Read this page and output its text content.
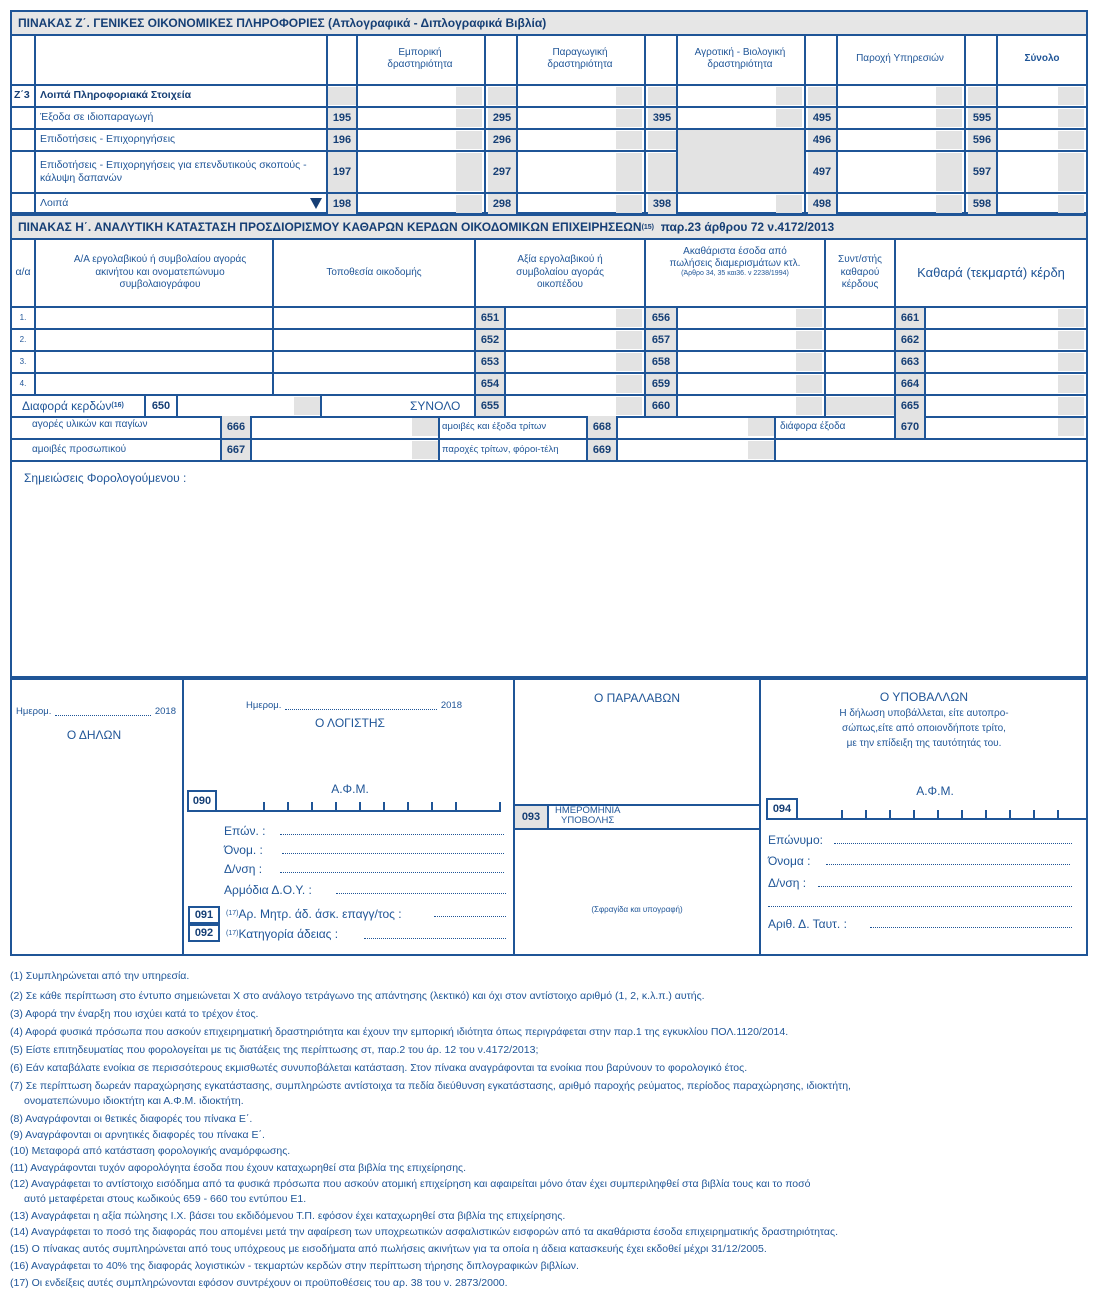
ΠΙΝΑΚΑΣ Ζ΄. ΓΕΝΙΚΕΣ ΟΙΚΟΝΟΜΙΚΕΣ ΠΛΗΡΟΦΟΡΙΕΣ (Απλογραφικά - Διπλογραφικά Βιβλία)
Εμπορική δραστηριότητα
Παραγωγική δραστηριότητα
Αγροτική - Βιολογική δραστηριότητα
Παροχή Υπηρεσιών	Σύνολο
Ζ΄3 Λοιπά Πληροφοριακά Στοιχεία
Έξοδα σε ιδιοπαραγωγή	195	295	395	495	595
Επιδοτήσεις - Επιχορηγήσεις	196	296	496	596
Επιδοτήσεις - Επιχορηγήσεις για επενδυτικούς σκοπούς - κάλυψη δαπανών	197	297	497	597
Λοιπά	198	298	398	498	598
ΠΙΝΑΚΑΣ Η΄. ΑΝΑΛΥΤΙΚΗ ΚΑΤΑΣΤΑΣΗ ΠΡΟΣΔΙΟΡΙΣΜΟΥ ΚΑΘΑΡΩΝ ΚΕΡΔΩΝ ΟΙΚΟΔΟΜΙΚΩΝ ΕΠΙΧΕΙΡΗΣΕΩΝ (15)
παρ.23 άρθρου 72 ν.4172/2013
α/α
Α/Α εργολαβικού ή συμβολαίου αγοράς ακινήτου και ονοματεπώνυμο συμβολαιογράφου
Τοποθεσία οικοδομής
Αξία εργολαβικού ή συμβολαίου αγοράς οικοπέδου
Ακαθάριστα έσοδα από πωλήσεις διαμερισμάτων κτλ.
(Άρθρο 34, 35 και36. ν 2238/1994)
Συντ/στής καθαρού κέρδους
Καθαρά (τεκμαρτά) κέρδη
1.	651	656	661
2.	652	657	662
3.	653	658	663
4.	654	659	664
Διαφορά κερδών (16)	650	ΣΥΝΟΛΟ	655	660	665
αγορές υλικών και παγίων	666	αμοιβές και έξοδα τρίτων	668	διάφορα έξοδα	670
αμοιβές προσωπικού	667	παροχές τρίτων, φόροι-τέλη	669
Σημειώσεις Φορολογούμενου :
Ημερομ.	2018
Ο ΔΗΛΩΝ
Ημερομ.	2018
Ο ΛΟΓΙΣΤΗΣ
Α.Φ.Μ.
090
Επών. :
Όνομ. :
Δ/νση :
Αρμόδια Δ.Ο.Υ. :
091	(17) Αρ. Μητρ. άδ. άσκ. επαγγ/τος :
092	(17) Κατηγορία άδειας :
Ο ΠΑΡΑΛΑΒΩΝ
093
ΗΜΕΡΟΜΗΝΙΑ
ΥΠΟΒΟΛΗΣ
(Σφραγίδα και υπογραφή)
Ο ΥΠΟΒΑΛΛΩΝ
Η δήλωση υποβάλλεται, είτε αυτοπρο-
σώπως,είτε από οποιονδήποτε τρίτο,
με την επίδειξη της ταυτότητάς του.
Α.Φ.Μ.
094
Επώνυμο:
Όνομα :
Δ/νση :
Αριθ. Δ. Ταυτ. :
(1) Συμπληρώνεται από την υπηρεσία.
(2) Σε κάθε περίπτωση στο έντυπο σημειώνεται Χ στο ανάλογο τετράγωνο της απάντησης (λεκτικό) και όχι στον αντίστοιχο αριθμό (1, 2, κ.λ.π.) αυτής.
(3) Αφορά την έναρξη που ισχύει κατά το τρέχον έτος.
(4) Αφορά φυσικά πρόσωπα που ασκούν επιχειρηματική δραστηριότητα και έχουν την εμπορική ιδιότητα όπως περιγράφεται στην παρ.1 της εγκυκλίου ΠΟΛ.1120/2014.
(5) Είστε επιτηδευματίας που φορολογείται με τις διατάξεις της περίπτωσης στ, παρ.2 του άρ. 12 του ν.4172/2013;
(6) Εάν καταβάλατε ενοίκια σε περισσότερους εκμισθωτές συνυποβάλεται κατάσταση. Στον πίνακα αναγράφονται τα ενοίκια που βαρύνουν το φορολογικό έτος.
(7) Σε περίπτωση δωρεάν παραχώρησης εγκατάστασης, συμπληρώστε αντίστοιχα τα πεδία διεύθυνση εγκατάστασης, αριθμό παροχής ρεύματος, περίοδος παραχώρησης, ιδιοκτήτη,
ονοματεπώνυμο ιδιοκτήτη και Α.Φ.Μ. ιδιοκτήτη.
(8) Αναγράφονται οι θετικές διαφορές του πίνακα Ε΄.
(9) Αναγράφονται οι αρνητικές διαφορές του πίνακα Ε΄.
(10) Μεταφορά από κατάσταση φορολογικής αναμόρφωσης.
(11) Αναγράφονται τυχόν αφορολόγητα έσοδα που έχουν καταχωρηθεί στα βιβλία της επιχείρησης.
(12) Αναγράφεται το αντίστοιχο εισόδημα από τα φυσικά πρόσωπα που ασκούν ατομική επιχείρηση και αφαιρείται μόνο όταν έχει συμπεριληφθεί στα βιβλία τους και το ποσό
αυτό μεταφέρεται στους κωδικούς 659 - 660 του εντύπου Ε1.
(13) Αναγράφεται η αξία πώλησης Ι.Χ. βάσει του εκδιδόμενου Τ.Π. εφόσον έχει καταχωρηθεί στα βιβλία της επιχείρησης.
(14) Αναγράφεται το ποσό της διαφοράς που απομένει μετά την αφαίρεση των υποχρεωτικών ασφαλιστικών εισφορών από τα ακαθάριστα έσοδα επιχειρηματικής δραστηριότητας.
(15) Ο πίνακας αυτός συμπληρώνεται από τους υπόχρεους με εισοδήματα από πωλήσεις ακινήτων για τα οποία η άδεια κατασκευής έχει εκδοθεί μέχρι 31/12/2005.
(16) Αναγράφεται το 40% της διαφοράς λογιστικών - τεκμαρτών κερδών στην περίπτωση τήρησης διπλογραφικών βιβλίων.
(17) Οι ενδείξεις αυτές συμπληρώνονται εφόσον συντρέχουν οι προϋποθέσεις του αρ. 38 του ν. 2873/2000.
